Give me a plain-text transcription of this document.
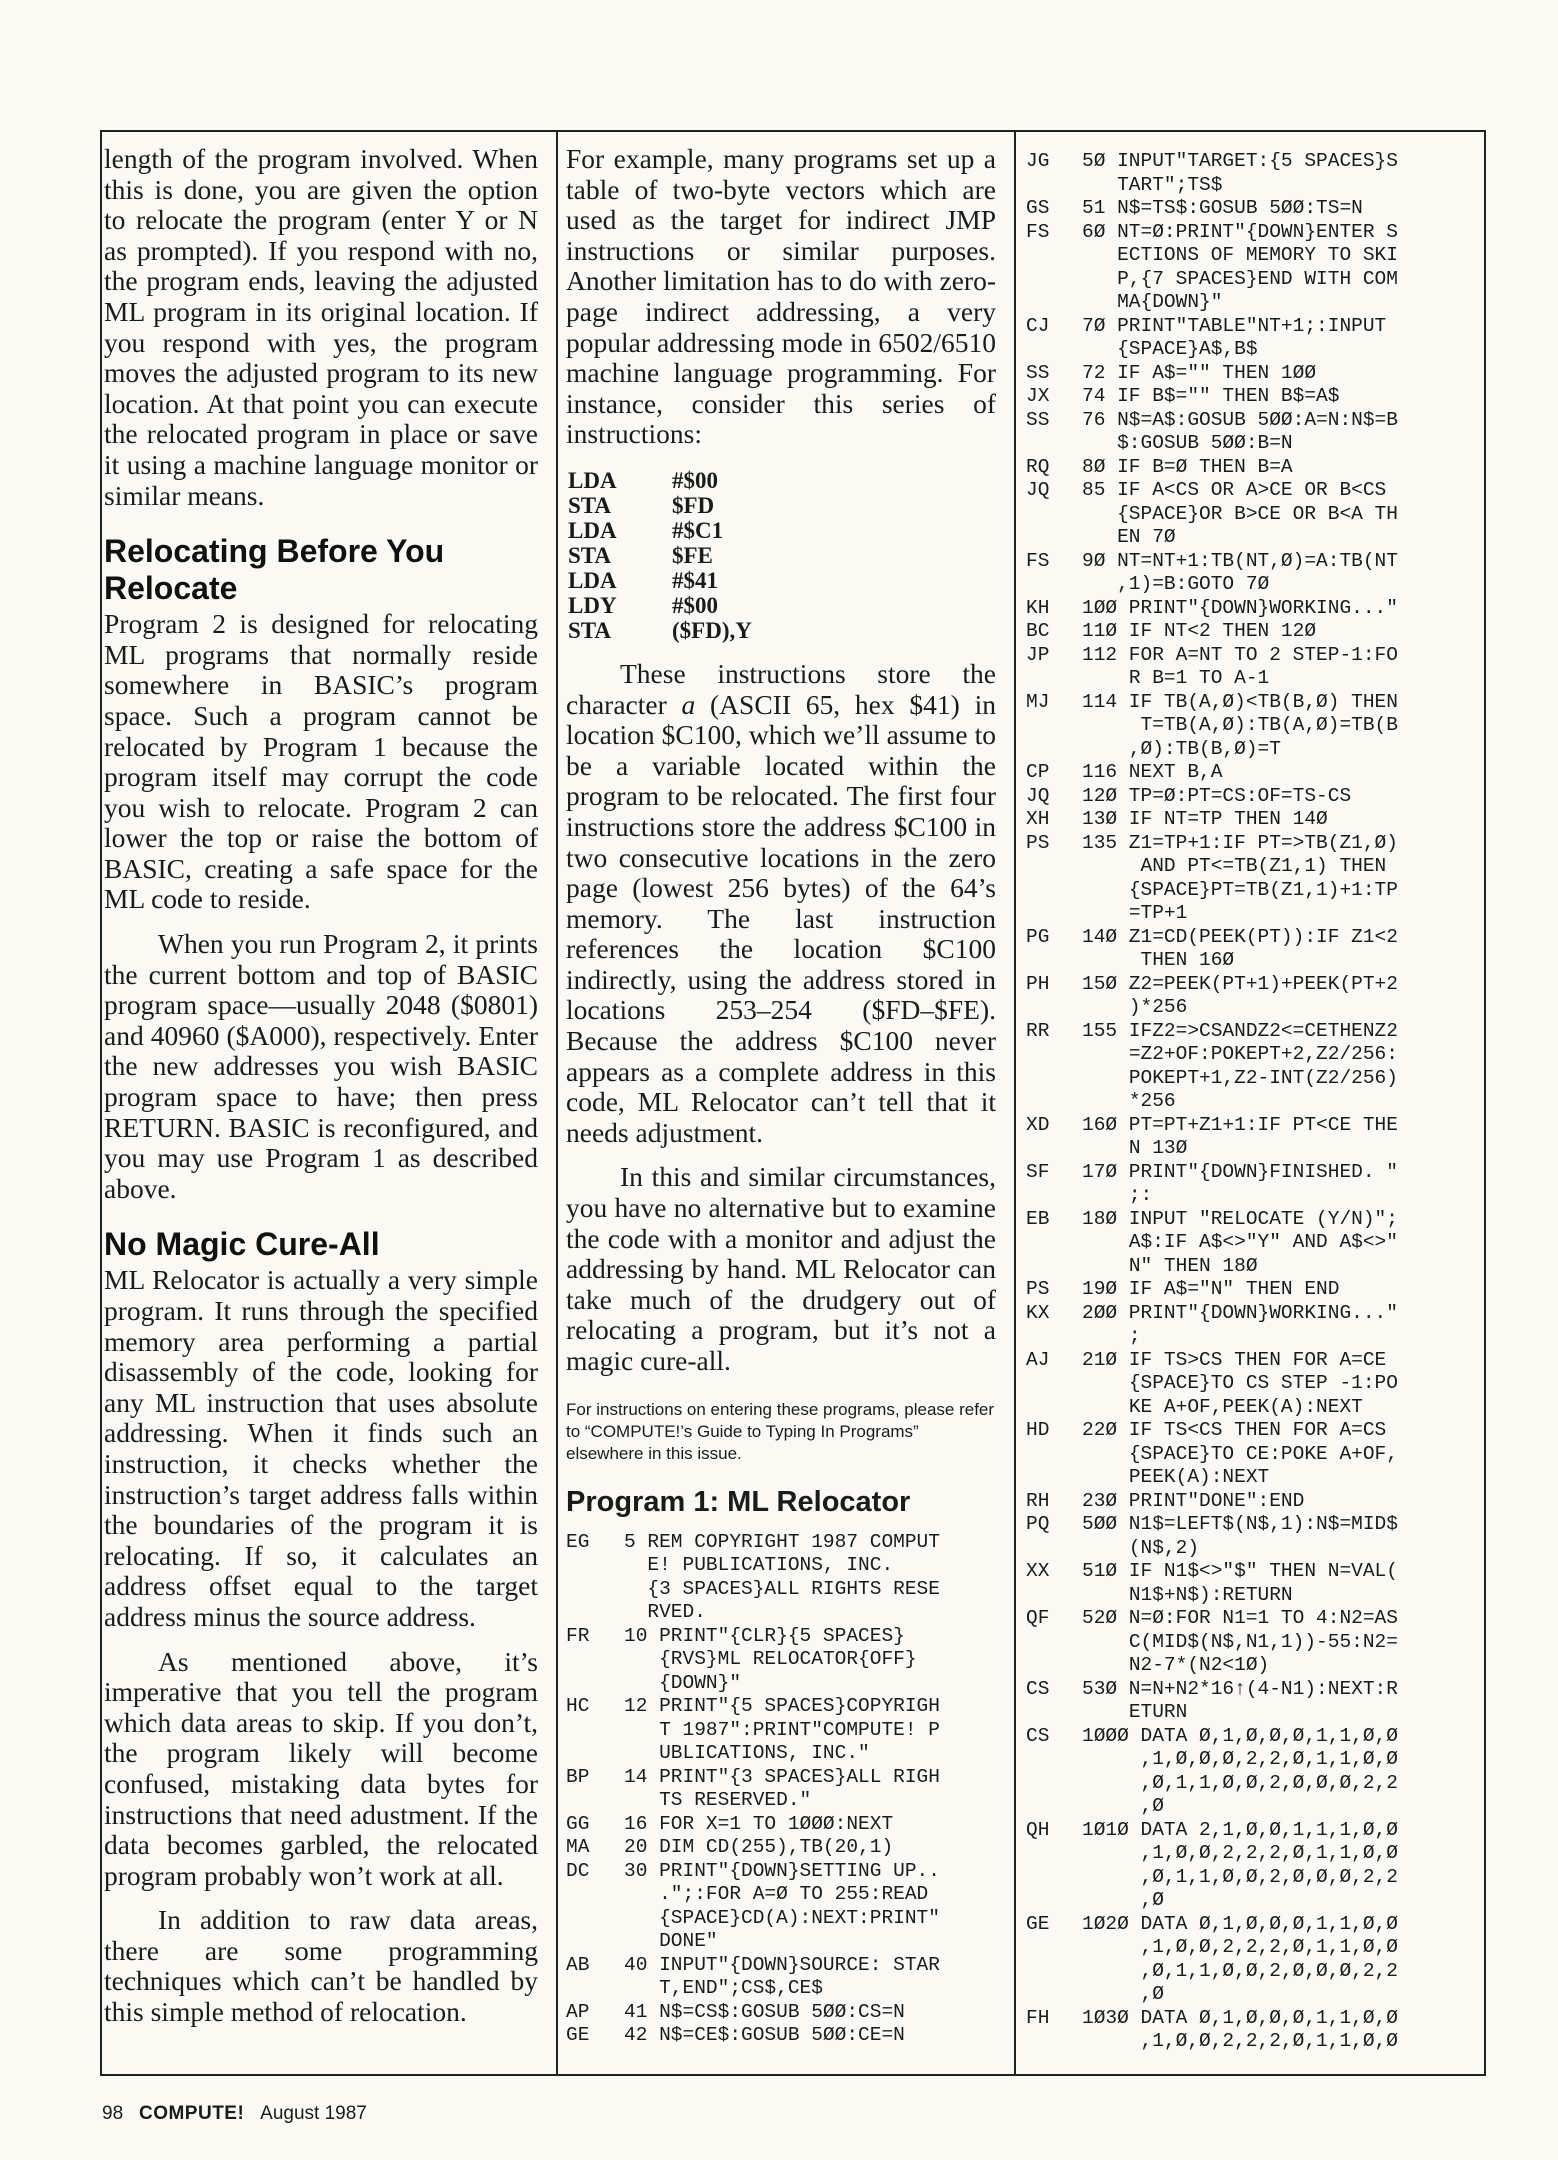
length of the program involved. When this is done, you are given the option to relocate the program (enter Y or N as prompted). If you respond with no, the program ends, leaving the adjusted ML program in its original location. If you respond with yes, the program moves the adjusted program to its new location. At that point you can execute the relocated program in place or save it using a machine language monitor or similar means.

Relocating Before You Relocate

Program 2 is designed for relocating ML programs that normally reside somewhere in BASIC’s program space. Such a program cannot be relocated by Program 1 because the program itself may corrupt the code you wish to relocate. Program 2 can lower the top or raise the bottom of BASIC, creating a safe space for the ML code to reside.

When you run Program 2, it prints the current bottom and top of BASIC program space—usually 2048 ($0801) and 40960 ($A000), respectively. Enter the new addresses you wish BASIC program space to have; then press RETURN. BASIC is reconfigured, and you may use Program 1 as described above.

No Magic Cure-All

ML Relocator is actually a very simple program. It runs through the specified memory area performing a partial disassembly of the code, looking for any ML instruction that uses absolute addressing. When it finds such an instruction, it checks whether the instruction’s target address falls within the boundaries of the program it is relocating. If so, it calculates an address offset equal to the target address minus the source address.

As mentioned above, it’s imperative that you tell the program which data areas to skip. If you don’t, the program likely will become confused, mistaking data bytes for instructions that need adustment. If the data becomes garbled, the relocated program probably won’t work at all.

In addition to raw data areas, there are some programming techniques which can’t be handled by this simple method of relocation.

For example, many programs set up a table of two-byte vectors which are used as the target for indirect JMP instructions or similar purposes. Another limitation has to do with zero-page indirect addressing, a very popular addressing mode in 6502/6510 machine language programming. For instance, consider this series of instructions:

LDA	#$00
STA	$FD
LDA	#$C1
STA	$FE
LDA	#$41
LDY	#$00
STA	($FD),Y

These instructions store the character a (ASCII 65, hex $41) in location $C100, which we’ll assume to be a variable located within the program to be relocated. The first four instructions store the address $C100 in two consecutive locations in the zero page (lowest 256 bytes) of the 64’s memory. The last instruction references the location $C100 indirectly, using the address stored in locations 253–254 ($FD–$FE). Because the address $C100 never appears as a complete address in this code, ML Relocator can’t tell that it needs adjustment.

In this and similar circumstances, you have no alternative but to examine the code with a monitor and adjust the addressing by hand. ML Relocator can take much of the drudgery out of relocating a program, but it’s not a magic cure-all.

For instructions on entering these programs, please refer to “COMPUTE!’s Guide to Typing In Programs” elsewhere in this issue.

Program 1: ML Relocator
EG	5 REM COPYRIGHT 1987 COMPUT
E! PUBLICATIONS, INC.
{3 SPACES}ALL RIGHTS RESE
RVED.
FR	10 PRINT"{CLR}{5 SPACES}
{RVS}ML RELOCATOR{OFF}
{DOWN}"
HC	12 PRINT"{5 SPACES}COPYRIGH
T 1987":PRINT"COMPUTE! P
UBLICATIONS, INC."
BP	14 PRINT"{3 SPACES}ALL RIGH
TS RESERVED."
GG	16 FOR X=1 TO 1ØØØ:NEXT
MA	20 DIM CD(255),TB(20,1)
DC	30 PRINT"{DOWN}SETTING UP..
.";:FOR A=Ø TO 255:READ
{SPACE}CD(A):NEXT:PRINT"
DONE"
AB	40 INPUT"{DOWN}SOURCE: STAR
T,END";CS$,CE$
AP	41 N$=CS$:GOSUB 5ØØ:CS=N
GE	42 N$=CE$:GOSUB 5ØØ:CE=N
JG	5Ø INPUT"TARGET:{5 SPACES}S
TART";TS$
GS	51 N$=TS$:GOSUB 5ØØ:TS=N
FS	6Ø NT=Ø:PRINT"{DOWN}ENTER S
ECTIONS OF MEMORY TO SKI
P,{7 SPACES}END WITH COM
MA{DOWN}"
CJ	7Ø PRINT"TABLE"NT+1;:INPUT
{SPACE}A$,B$
SS	72 IF A$="" THEN 1ØØ
JX	74 IF B$="" THEN B$=A$
SS	76 N$=A$:GOSUB 5ØØ:A=N:N$=B
$:GOSUB 5ØØ:B=N
RQ	8Ø IF B=Ø THEN B=A
JQ	85 IF A<CS OR A>CE OR B<CS
{SPACE}OR B>CE OR B<A TH
EN 7Ø
FS	9Ø NT=NT+1:TB(NT,Ø)=A:TB(NT
,1)=B:GOTO 7Ø
KH	1ØØ PRINT"{DOWN}WORKING..."
BC	11Ø IF NT<2 THEN 12Ø
JP	112 FOR A=NT TO 2 STEP-1:FO
R B=1 TO A-1
MJ	114 IF TB(A,Ø)<TB(B,Ø) THEN
T=TB(A,Ø):TB(A,Ø)=TB(B
,Ø):TB(B,Ø)=T
CP	116 NEXT B,A
JQ	12Ø TP=Ø:PT=CS:OF=TS-CS
XH	13Ø IF NT=TP THEN 14Ø
PS	135 Z1=TP+1:IF PT=>TB(Z1,Ø)
AND PT<=TB(Z1,1) THEN
{SPACE}PT=TB(Z1,1)+1:TP
=TP+1
PG	14Ø Z1=CD(PEEK(PT)):IF Z1<2
THEN 16Ø
PH	15Ø Z2=PEEK(PT+1)+PEEK(PT+2
)*256
RR	155 IFZ2=>CSANDZ2<=CETHENZ2
=Z2+OF:POKEPT+2,Z2/256:
POKEPT+1,Z2-INT(Z2/256)
*256
XD	16Ø PT=PT+Z1+1:IF PT<CE THE
N 13Ø
SF	17Ø PRINT"{DOWN}FINISHED. "
;:
EB	18Ø INPUT "RELOCATE (Y/N)";
A$:IF A$<>"Y" AND A$<>"
N" THEN 18Ø
PS	19Ø IF A$="N" THEN END
KX	2ØØ PRINT"{DOWN}WORKING..."
;
AJ	21Ø IF TS>CS THEN FOR A=CE
{SPACE}TO CS STEP -1:PO
KE A+OF,PEEK(A):NEXT
HD	22Ø IF TS<CS THEN FOR A=CS
{SPACE}TO CE:POKE A+OF,
PEEK(A):NEXT
RH	23Ø PRINT"DONE":END
PQ	5ØØ N1$=LEFT$(N$,1):N$=MID$
(N$,2)
XX	51Ø IF N1$<>"$" THEN N=VAL(
N1$+N$):RETURN
QF	52Ø N=Ø:FOR N1=1 TO 4:N2=AS
C(MID$(N$,N1,1))-55:N2=
N2-7*(N2<1Ø)
CS	53Ø N=N+N2*16↑(4-N1):NEXT:R
ETURN
CS	1ØØØ DATA Ø,1,Ø,Ø,Ø,1,1,Ø,Ø
,1,Ø,Ø,Ø,2,2,Ø,1,1,Ø,Ø
,Ø,1,1,Ø,Ø,2,Ø,Ø,Ø,2,2
,Ø
QH	1Ø1Ø DATA 2,1,Ø,Ø,1,1,1,Ø,Ø
,1,Ø,Ø,2,2,2,Ø,1,1,Ø,Ø
,Ø,1,1,Ø,Ø,2,Ø,Ø,Ø,2,2
,Ø
GE	1Ø2Ø DATA Ø,1,Ø,Ø,Ø,1,1,Ø,Ø
,1,Ø,Ø,2,2,2,Ø,1,1,Ø,Ø
,Ø,1,1,Ø,Ø,2,Ø,Ø,Ø,2,2
,Ø
FH	1Ø3Ø DATA Ø,1,Ø,Ø,Ø,1,1,Ø,Ø
,1,Ø,Ø,2,2,2,Ø,1,1,Ø,Ø
98 COMPUTE! August 1987
